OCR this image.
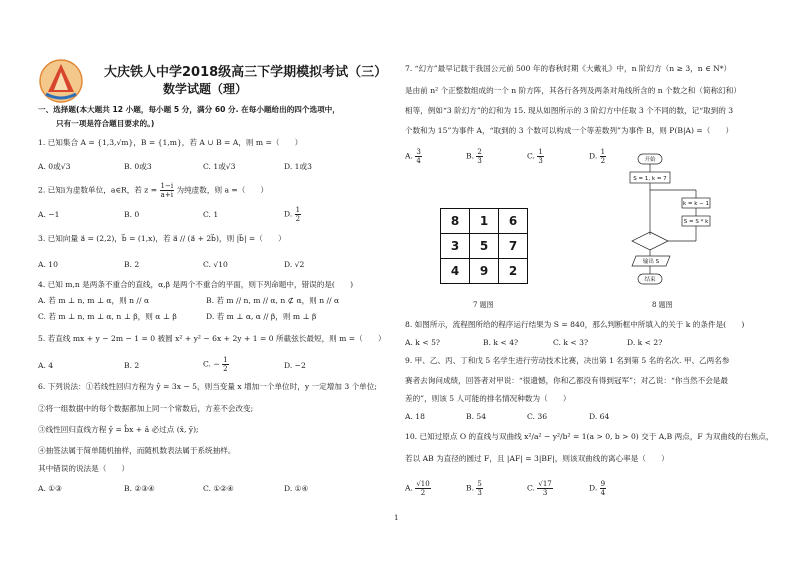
大庆铁人中学2018级高三下学期模拟考试（三）
数学试题（理）
一、选择题(本大题共 12 小题，每小题 5 分，满分 60 分. 在每小题给出的四个选项中，
只有一项是符合题目要求的。)
1. 已知集合 A = {1,3,√m}，B = {1,m}，若 A ∪ B = A，则 m =（　　）
A. 0或√3	B. 0或3	C. 1或√3	D. 1或3
2. 已知i为虚数单位，a∈R，若 $z = \frac{1-i}{a+i}$ 为纯虚数，则 a =（　　）
A. −1	B. 0	C. 1	D. $\frac{1}{2}$
3. 已知向量 a⃗ = (2,2)，b⃗ = (1,x)，若 a⃗ // (a⃗ + 2b⃗)，则 |b⃗| =（　　）
A. 10	B. 2	C. √10	D. √2
4. 已知 m,n 是两条不重合的直线，α,β 是两个不重合的平面，则下列命题中，错误的是(　　)
A. 若 m ⊥ n, m ⊥ α，则 n // α	B. 若 m // n, m // α, n ⊄ α，则 n // α
C. 若 m ⊥ n, m ⊥ α, n ⊥ β，则 α ⊥ β	D. 若 m ⊥ α, α // β，则 m ⊥ β
5. 若直线 mx + y − 2m − 1 = 0 被圆 x² + y² − 6x + 2y + 1 = 0 所截弦长最短，则 m =（　　）
A. 4	B. 2	C. − $\frac{1}{2}$	D. −2
6. 下列说法：①若线性回归方程为 ŷ = 3x − 5，则当变量 x 增加一个单位时，y 一定增加 3 个单位;
②将一组数据中的每个数据都加上同一个常数后，方差不会改变;
③线性回归直线方程 ŷ = b̂x + â 必过点 (x̄, ȳ);
④抽签法属于简单随机抽样，而随机数表法属于系统抽样。
其中错误的说法是（　　）
A. ①③	B. ②③④	C. ①②④	D. ①④
7. “幻方”最早记载于我国公元前 500 年的春秋时期《大戴礼》中，n 阶幻方（n ≥ 3，n ∈ N*）
是由前 n² 个正整数组成的一个 n 阶方阵，其各行各列及两条对角线所含的 n 个数之和（简称幻和）
相等，例如“3 阶幻方”的幻和为 15. 现从如图所示的 3 阶幻方中任取 3 个不同的数，记“取到的 3
个数和为 15”为事件 A，“取到的 3 个数可以构成一个等差数列”为事件 B，则 P(B|A) =（　　）
A. $\frac{3}{4}$	B. $\frac{2}{3}$	C. $\frac{1}{3}$	D. $\frac{1}{2}$
7 题图	8 题图
8. 如图所示，流程图所给的程序运行结果为 S = 840，那么判断框中所填入的关于 k 的条件是(　　)
A. k < 5?	B. k < 4?	C. k < 3?	D. k < 2?
9. 甲、乙、丙、丁和戊 5 名学生进行劳动技术比赛，决出第 1 名到第 5 名的名次. 甲、乙两名参
赛者去询问成绩，回答者对甲说：“很遗憾，你和乙都没有得到冠军”；对乙说：“你当然不会是最
差的”，则该 5 人可能的排名情况种数为（　　）
A. 18	B. 54	C. 36	D. 64
10. 已知过原点 O 的直线与双曲线 x²/a² − y²/b² = 1(a > 0, b > 0) 交于 A,B 两点，F 为双曲线的右焦点，
若以 AB 为直径的圆过 F，且 |AF| = 3|BF|，则该双曲线的离心率是（　　）
A. $\frac{√10}{2}$	B. $\frac{5}{3}$	C. $\frac{√17}{3}$	D. $\frac{9}{4}$
8	1	6
3	5	7
4	9	2
开始
S = 1, k = 7
k = k − 1
S = S * k
输出 S
结束
1
